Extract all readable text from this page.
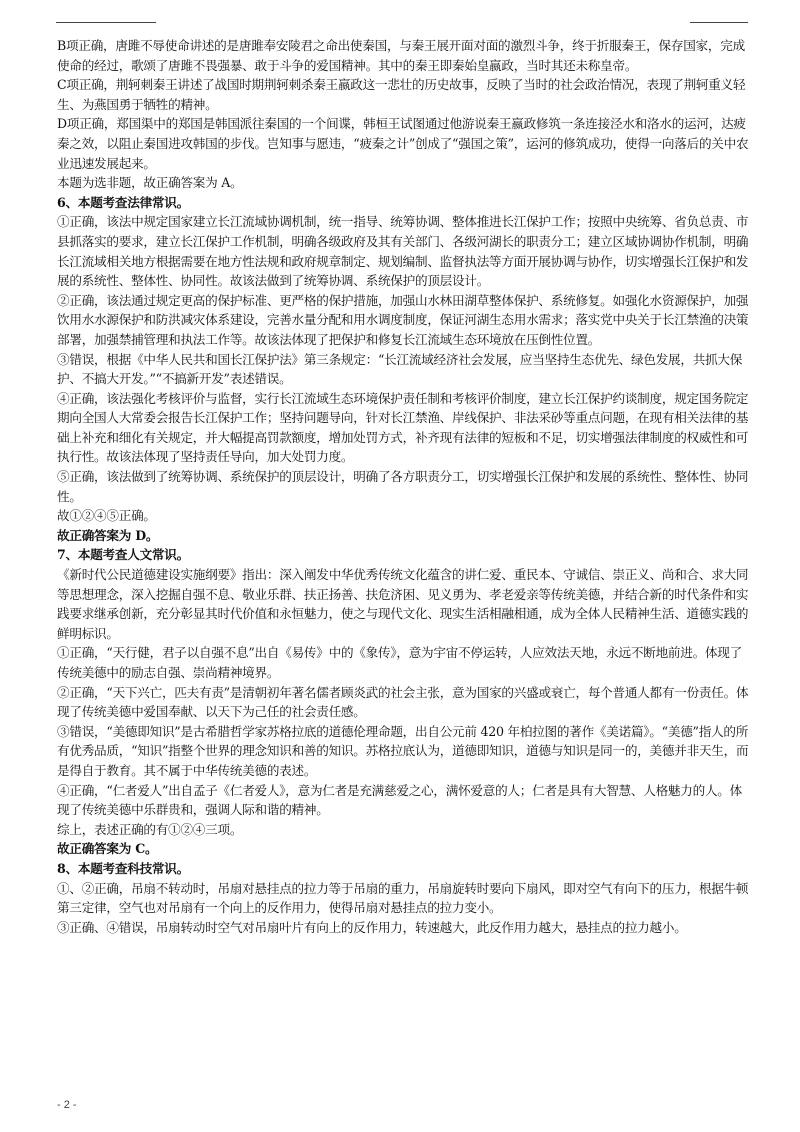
B项正确，唐雎不辱使命讲述的是唐雎奉安陵君之命出使秦国，与秦王展开面对面的激烈斗争，终于折服秦王，保存国家，完成使命的经过，歌颂了唐雎不畏强暴、敢于斗争的爱国精神。其中的秦王即秦始皇嬴政，当时其还未称皇帝。

C项正确，荆轲刺秦王讲述了战国时期荆轲刺杀秦王嬴政这一悲壮的历史故事，反映了当时的社会政治情况，表现了荆轲重义轻生、为燕国勇于牺牲的精神。

D项正确，郑国渠中的郑国是韩国派往秦国的一个间谍，韩桓王试图通过他游说秦王嬴政修筑一条连接泾水和洛水的运河，达疲秦之效，以阻止秦国进攻韩国的步伐。岂知事与愿违，“疲秦之计”创成了“强国之策”，运河的修筑成功，使得一向落后的关中农业迅速发展起来。

本题为选非题，故正确答案为 A。

6、本题考查法律常识。

①正确，该法中规定国家建立长江流域协调机制，统一指导、统筹协调、整体推进长江保护工作；按照中央统筹、省负总责、市县抓落实的要求，建立长江保护工作机制，明确各级政府及其有关部门、各级河湖长的职责分工；建立区域协调协作机制，明确长江流域相关地方根据需要在地方性法规和政府规章制定、规划编制、监督执法等方面开展协调与协作，切实增强长江保护和发展的系统性、整体性、协同性。故该法做到了统筹协调、系统保护的顶层设计。

②正确，该法通过规定更高的保护标准、更严格的保护措施，加强山水林田湖草整体保护、系统修复。如强化水资源保护，加强饮用水水源保护和防洪减灾体系建设，完善水量分配和用水调度制度，保证河湖生态用水需求；落实党中央关于长江禁渔的决策部署，加强禁捕管理和执法工作等。故该法体现了把保护和修复长江流域生态环境放在压倒性位置。

③错误，根据《中华人民共和国长江保护法》第三条规定：“长江流域经济社会发展，应当坚持生态优先、绿色发展，共抓大保护、不搞大开发。”“不搞新开发”表述错误。

④正确，该法强化考核评价与监督，实行长江流域生态环境保护责任制和考核评价制度，建立长江保护约谈制度，规定国务院定期向全国人大常委会报告长江保护工作；坚持问题导向，针对长江禁渔、岸线保护、非法采砂等重点问题，在现有相关法律的基础上补充和细化有关规定，并大幅提高罚款额度，增加处罚方式，补齐现有法律的短板和不足，切实增强法律制度的权威性和可执行性。故该法体现了坚持责任导向，加大处罚力度。

⑤正确，该法做到了统筹协调、系统保护的顶层设计，明确了各方职责分工，切实增强长江保护和发展的系统性、整体性、协同性。

故①②④⑤正确。

故正确答案为 D。

7、本题考查人文常识。

《新时代公民道德建设实施纲要》指出：深入阐发中华优秀传统文化蕴含的讲仁爱、重民本、守诚信、崇正义、尚和合、求大同等思想理念，深入挖掘自强不息、敬业乐群、扶正扬善、扶危济困、见义勇为、孝老爱亲等传统美德，并结合新的时代条件和实践要求继承创新，充分彰显其时代价值和永恒魅力，使之与现代文化、现实生活相融相通，成为全体人民精神生活、道德实践的鲜明标识。

①正确，“天行健，君子以自强不息”出自《易传》中的《象传》，意为宇宙不停运转，人应效法天地，永远不断地前进。体现了传统美德中的励志自强、崇尚精神境界。

②正确，“天下兴亡，匹夫有责”是清朝初年著名儒者顾炎武的社会主张，意为国家的兴盛或衰亡，每个普通人都有一份责任。体现了传统美德中爱国奉献、以天下为己任的社会责任感。

③错误，“美德即知识”是古希腊哲学家苏格拉底的道德伦理命题，出自公元前 420 年柏拉图的著作《美诺篇》。“美德”指人的所有优秀品质，“知识”指整个世界的理念知识和善的知识。苏格拉底认为，道德即知识，道德与知识是同一的，美德并非天生，而是得自于教育。其不属于中华传统美德的表述。

④正确，“仁者爱人”出自孟子《仁者爱人》，意为仁者是充满慈爱之心，满怀爱意的人；仁者是具有大智慧、人格魅力的人。体现了传统美德中乐群贵和，强调人际和谐的精神。

综上，表述正确的有①②④三项。

故正确答案为 C。

8、本题考查科技常识。

①、②正确，吊扇不转动时，吊扇对悬挂点的拉力等于吊扇的重力，吊扇旋转时要向下扇风，即对空气有向下的压力，根据牛顿第三定律，空气也对吊扇有一个向上的反作用力，使得吊扇对悬挂点的拉力变小。

③正确、④错误，吊扇转动时空气对吊扇叶片有向上的反作用力，转速越大，此反作用力越大，悬挂点的拉力越小。

- 2 -
